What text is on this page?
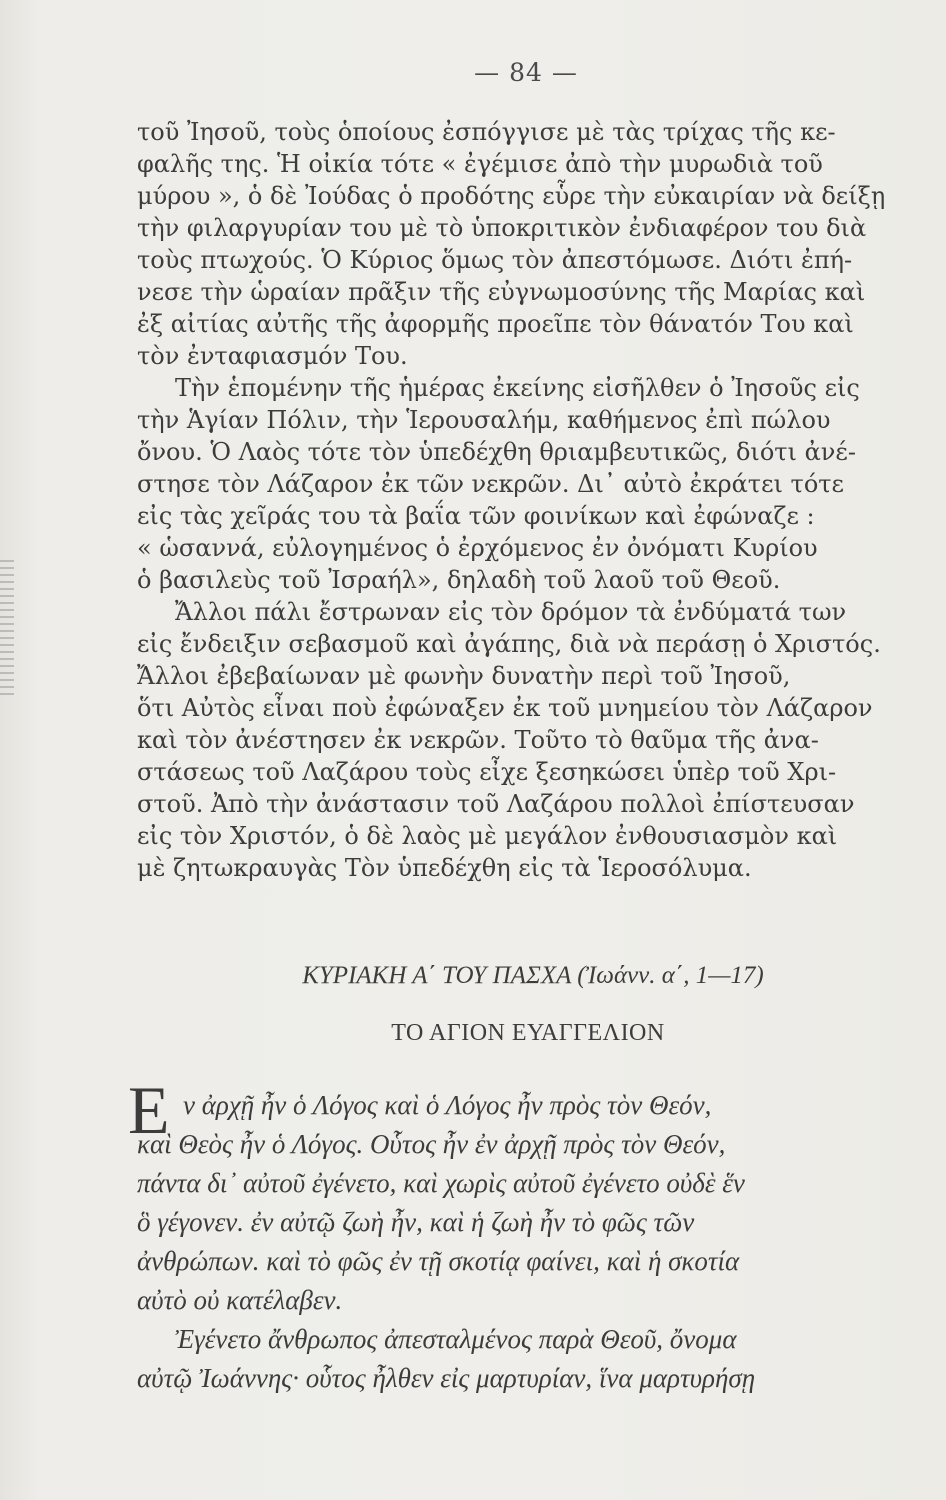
— 84 —
τοῦ Ἰησοῦ, τοὺς ὁποίους ἐσπόγγισε μὲ τὰς τρίχας τῆς κε-
φαλῆς της. Ἡ οἰκία τότε « ἐγέμισε ἀπὸ τὴν μυρωδιὰ τοῦ
μύρου », ὁ δὲ Ἰούδας ὁ προδότης εὗρε τὴν εὐκαιρίαν νὰ δείξῃ
τὴν φιλαργυρίαν του μὲ τὸ ὑποκριτικὸν ἐνδιαφέρον του διὰ
τοὺς πτωχούς. Ὁ Κύριος ὅμως τὸν ἀπεστόμωσε. Διότι ἐπή-
νεσε τὴν ὡραίαν πρᾶξιν τῆς εὐγνωμοσύνης τῆς Μαρίας καὶ
ἐξ αἰτίας αὐτῆς τῆς ἀφορμῆς προεῖπε τὸν θάνατόν Του καὶ
τὸν ἐνταφιασμόν Του.
Τὴν ἑπομένην τῆς ἡμέρας ἐκείνης εἰσῆλθεν ὁ Ἰησοῦς εἰς
τὴν Ἁγίαν Πόλιν, τὴν Ἱερουσαλήμ, καθήμενος ἐπὶ πώλου
ὄνου. Ὁ Λαὸς τότε τὸν ὑπεδέχθη θριαμβευτικῶς, διότι ἀνέ-
στησε τὸν Λάζαρον ἐκ τῶν νεκρῶν. Δι᾽ αὐτὸ ἐκράτει τότε
εἰς τὰς χεῖράς του τὰ βαΐα τῶν φοινίκων καὶ ἐφώναζε :
« ὡσαννά, εὐλογημένος ὁ ἐρχόμενος ἐν ὀνόματι Κυρίου
ὁ βασιλεὺς τοῦ Ἰσραήλ», δηλαδὴ τοῦ λαοῦ τοῦ Θεοῦ.
Ἄλλοι πάλι ἔστρωναν εἰς τὸν δρόμον τὰ ἐνδύματά των
εἰς ἔνδειξιν σεβασμοῦ καὶ ἀγάπης, διὰ νὰ περάσῃ ὁ Χριστός.
Ἄλλοι ἐβεβαίωναν μὲ φωνὴν δυνατὴν περὶ τοῦ Ἰησοῦ,
ὅτι Αὐτὸς εἶναι ποὺ ἐφώναξεν ἐκ τοῦ μνημείου τὸν Λάζαρον
καὶ τὸν ἀνέστησεν ἐκ νεκρῶν. Τοῦτο τὸ θαῦμα τῆς ἀνα-
στάσεως τοῦ Λαζάρου τοὺς εἶχε ξεσηκώσει ὑπὲρ τοῦ Χρι-
στοῦ. Ἀπὸ τὴν ἀνάστασιν τοῦ Λαζάρου πολλοὶ ἐπίστευσαν
εἰς τὸν Χριστόν, ὁ δὲ λαὸς μὲ μεγάλον ἐνθουσιασμὸν καὶ
μὲ ζητωκραυγὰς Τὸν ὑπεδέχθη εἰς τὰ Ἱεροσόλυμα.
ΚΥΡΙΑΚΗ Α΄ ΤΟΥ ΠΑΣΧΑ (Ἰωάνν. α΄, 1—17)
ΤΟ ΑΓΙΟΝ ΕΥΑΓΓΕΛΙΟΝ
Ε ν ἀρχῇ ἦν ὁ Λόγος καὶ ὁ Λόγος ἦν πρὸς τὸν Θεόν,
καὶ Θεὸς ἦν ὁ Λόγος. Οὗτος ἦν ἐν ἀρχῇ πρὸς τὸν Θεόν,
πάντα δι᾽ αὐτοῦ ἐγένετο, καὶ χωρὶς αὐτοῦ ἐγένετο οὐδὲ ἕν
ὃ γέγονεν. ἐν αὐτῷ ζωὴ ἦν, καὶ ἡ ζωὴ ἦν τὸ φῶς τῶν
ἀνθρώπων. καὶ τὸ φῶς ἐν τῇ σκοτίᾳ φαίνει, καὶ ἡ σκοτία
αὐτὸ οὐ κατέλαβεν.
Ἐγένετο ἄνθρωπος ἀπεσταλμένος παρὰ Θεοῦ, ὄνομα
αὐτῷ Ἰωάννης· οὗτος ἦλθεν εἰς μαρτυρίαν, ἵνα μαρτυρήσῃ
